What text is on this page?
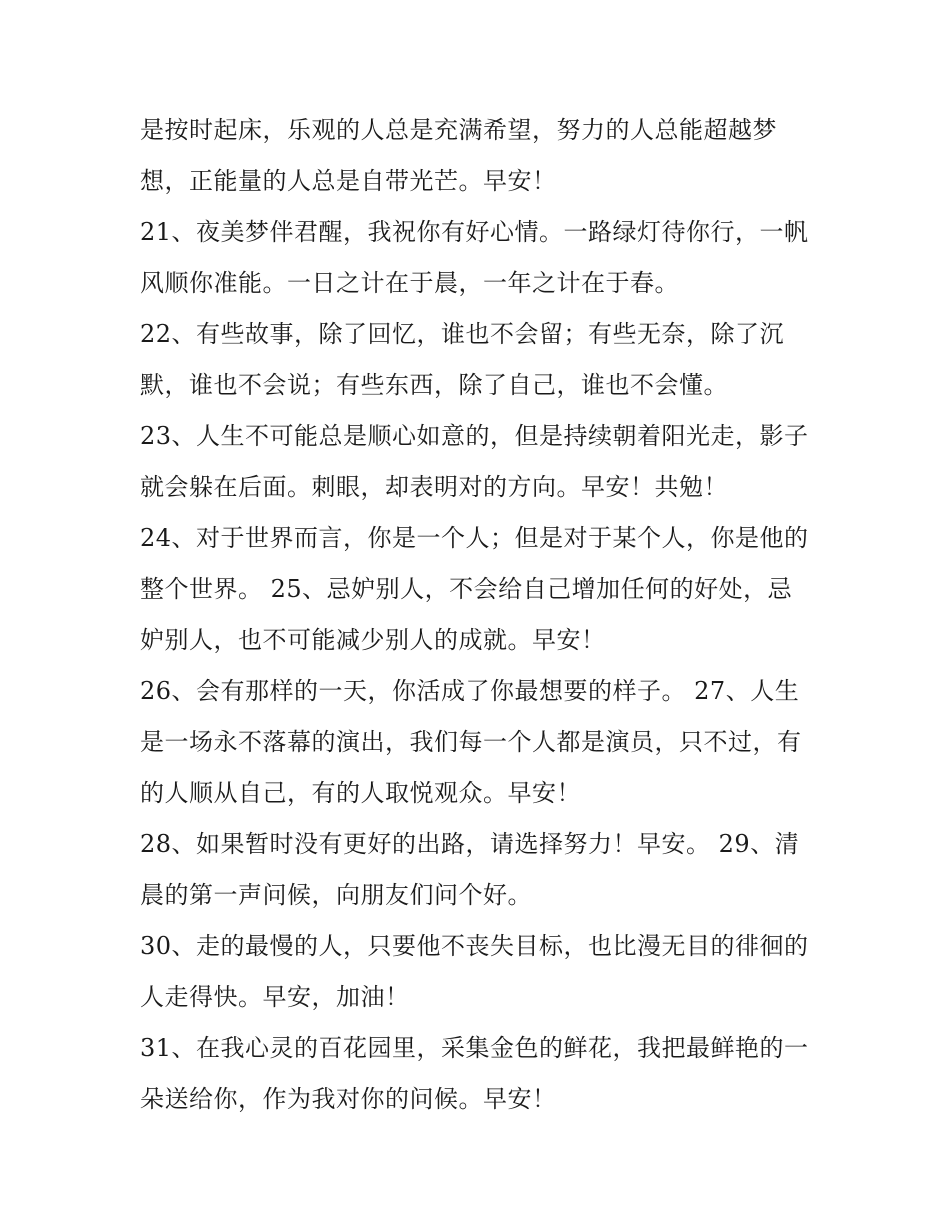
是按时起床，乐观的人总是充满希望，努力的人总能超越梦
想，正能量的人总是自带光芒。早安！
21、夜美梦伴君醒，我祝你有好心情。一路绿灯待你行，一帆
风顺你准能。一日之计在于晨，一年之计在于春。
22、有些故事，除了回忆，谁也不会留；有些无奈，除了沉
默，谁也不会说；有些东西，除了自己，谁也不会懂。
23、人生不可能总是顺心如意的，但是持续朝着阳光走，影子
就会躲在后面。刺眼，却表明对的方向。早安！共勉！
24、对于世界而言，你是一个人；但是对于某个人，你是他的
整个世界。 25、忌妒别人，不会给自己增加任何的好处，忌
妒别人，也不可能减少别人的成就。早安！
26、会有那样的一天，你活成了你最想要的样子。 27、人生
是一场永不落幕的演出，我们每一个人都是演员，只不过，有
的人顺从自己，有的人取悦观众。早安！
28、如果暂时没有更好的出路，请选择努力！早安。 29、清
晨的第一声问候，向朋友们问个好。
30、走的最慢的人，只要他不丧失目标，也比漫无目的徘徊的
人走得快。早安，加油！
31、在我心灵的百花园里，采集金色的鲜花，我把最鲜艳的一
朵送给你，作为我对你的问候。早安！
